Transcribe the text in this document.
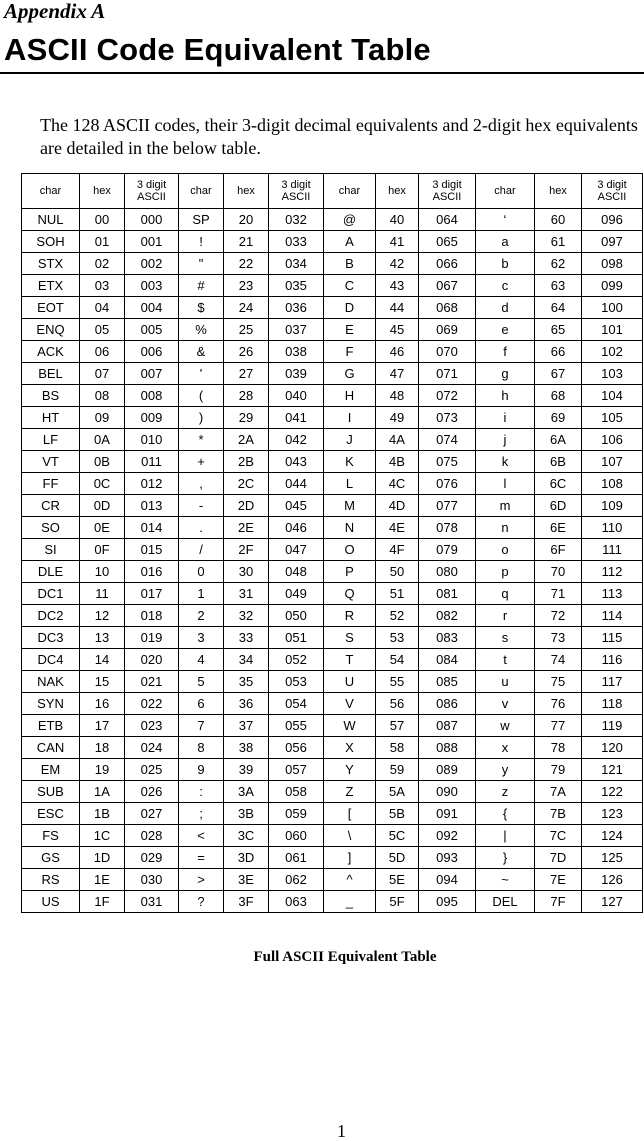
Appendix A
ASCII Code Equivalent Table
The 128 ASCII codes, their 3-digit decimal equivalents and 2-digit hex equivalents are detailed in the below table.
char	hex	3 digit ASCII	char	hex	3 digit ASCII	char	hex	3 digit ASCII	char	hex	3 digit ASCII
NUL	00	000	SP	20	032	@	40	064	‘	60	096
SOH	01	001	!	21	033	A	41	065	a	61	097
STX	02	002	"	22	034	B	42	066	b	62	098
ETX	03	003	#	23	035	C	43	067	c	63	099
EOT	04	004	$	24	036	D	44	068	d	64	100
ENQ	05	005	%	25	037	E	45	069	e	65	101
ACK	06	006	&	26	038	F	46	070	f	66	102
BEL	07	007	'	27	039	G	47	071	g	67	103
BS	08	008	(	28	040	H	48	072	h	68	104
HT	09	009	)	29	041	I	49	073	i	69	105
LF	0A	010	*	2A	042	J	4A	074	j	6A	106
VT	0B	011	+	2B	043	K	4B	075	k	6B	107
FF	0C	012	,	2C	044	L	4C	076	l	6C	108
CR	0D	013	-	2D	045	M	4D	077	m	6D	109
SO	0E	014	.	2E	046	N	4E	078	n	6E	110
SI	0F	015	/	2F	047	O	4F	079	o	6F	111
DLE	10	016	0	30	048	P	50	080	p	70	112
DC1	11	017	1	31	049	Q	51	081	q	71	113
DC2	12	018	2	32	050	R	52	082	r	72	114
DC3	13	019	3	33	051	S	53	083	s	73	115
DC4	14	020	4	34	052	T	54	084	t	74	116
NAK	15	021	5	35	053	U	55	085	u	75	117
SYN	16	022	6	36	054	V	56	086	v	76	118
ETB	17	023	7	37	055	W	57	087	w	77	119
CAN	18	024	8	38	056	X	58	088	x	78	120
EM	19	025	9	39	057	Y	59	089	y	79	121
SUB	1A	026	:	3A	058	Z	5A	090	z	7A	122
ESC	1B	027	;	3B	059	[	5B	091	{	7B	123
FS	1C	028	<	3C	060	\	5C	092	|	7C	124
GS	1D	029	=	3D	061	]	5D	093	}	7D	125
RS	1E	030	>	3E	062	^	5E	094	~	7E	126
US	1F	031	?	3F	063	_	5F	095	DEL	7F	127
Full ASCII Equivalent Table
1
